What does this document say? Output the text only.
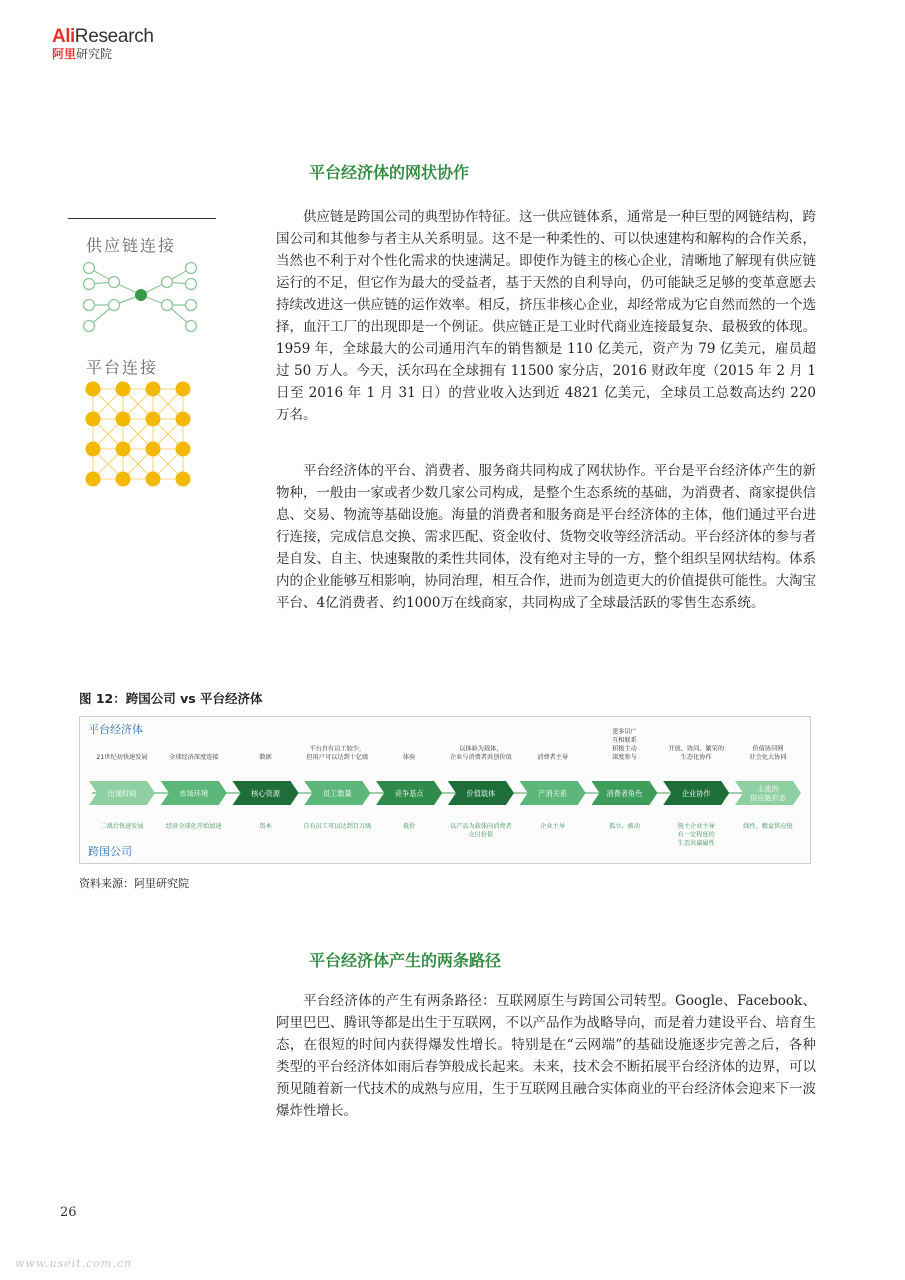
AliResearch
阿里研究院
平台经济体的网状协作

供应链是跨国公司的典型协作特征。这一供应链体系，通常是一种巨型的网链结构，跨国公司和其他参与者主从关系明显。这不是一种柔性的、可以快速建构和解构的合作关系，当然也不利于对个性化需求的快速满足。即使作为链主的核心企业，清晰地了解现有供应链运行的不足，但它作为最大的受益者，基于天然的自利导向，仍可能缺乏足够的变革意愿去持续改进这一供应链的运作效率。相反，挤压非核心企业，却经常成为它自然而然的一个选择，血汗工厂的出现即是一个例证。供应链正是工业时代商业连接最复杂、最极致的体现。1959 年，全球最大的公司通用汽车的销售额是 110 亿美元，资产为 79 亿美元，雇员超过 50 万人。今天，沃尔玛在全球拥有 11500 家分店，2016 财政年度（2015 年 2 月 1 日至 2016 年 1 月 31 日）的营业收入达到近 4821 亿美元，全球员工总数高达约 220 万名。

平台经济体的平台、消费者、服务商共同构成了网状协作。平台是平台经济体产生的新物种，一般由一家或者少数几家公司构成，是整个生态系统的基础，为消费者、商家提供信息、交易、物流等基础设施。海量的消费者和服务商是平台经济体的主体，他们通过平台进行连接，完成信息交换、需求匹配、资金收付、货物交收等经济活动。平台经济体的参与者是自发、自主、快速聚散的柔性共同体，没有绝对主导的一方，整个组织呈网状结构。体系内的企业能够互相影响，协同治理，相互合作，进而为创造更大的价值提供可能性。大淘宝平台、4亿消费者、约1000万在线商家，共同构成了全球最活跃的零售生态系统。

供应链连接
平台连接
图 12：跨国公司 vs 平台经济体
平台经济体
跨国公司
出现时间
21世纪初快速发展
二战后快速发展
市场环境
全球经济深度连接
经济全球化开始加速
核心资源
数据
资本
员工数量
平台自有员工较少，但用户可以达到十亿级
自有员工可以达到百万级
竞争基点
体验
低价
价值载体
以体验为载体，企业与消费者共创价值
以产品为载体向消费者交付价值
产消关系
消费者主导
企业主导
消费者角色
更多识广互相联系积极主动深度参与
孤立、被动
企业协作
开放、协同、繁荣的生态化协作
链主企业主导有一定程度的生态共赢属性
主流的供应链形态
价值协同网社会化大协同
线性、精益供应链
资料来源：阿里研究院
平台经济体产生的两条路径

平台经济体的产生有两条路径：互联网原生与跨国公司转型。Google、Facebook、阿里巴巴、腾讯等都是出生于互联网，不以产品作为战略导向，而是着力建设平台、培育生态，在很短的时间内获得爆发性增长。特别是在“云网端”的基础设施逐步完善之后，各种类型的平台经济体如雨后春笋般成长起来。未来，技术会不断拓展平台经济体的边界，可以预见随着新一代技术的成熟与应用，生于互联网且融合实体商业的平台经济体会迎来下一波爆炸性增长。

26
www.useit.com.cn
